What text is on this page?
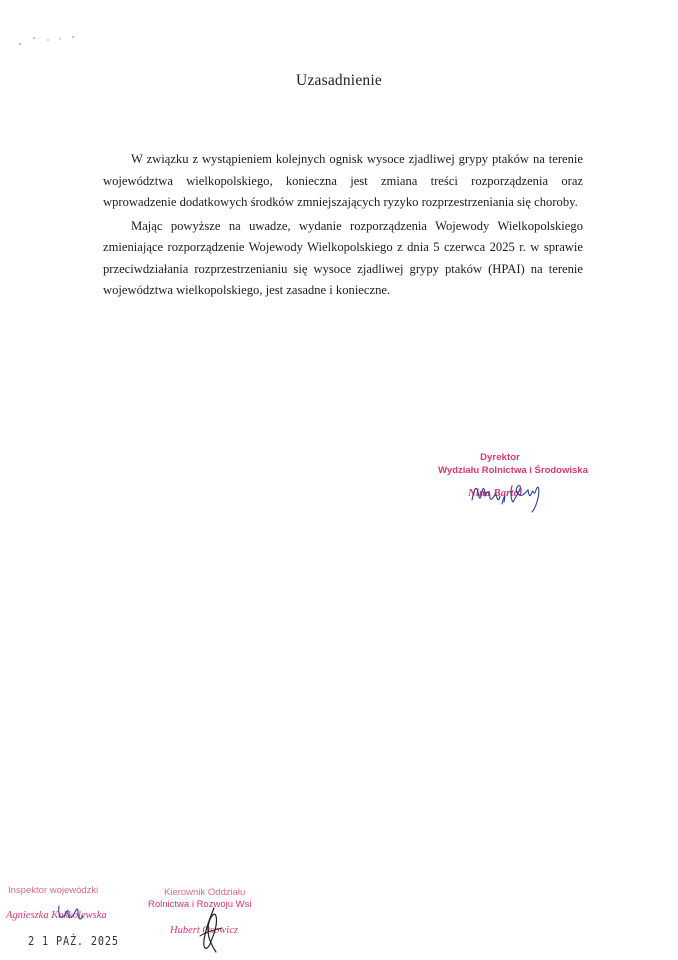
Uzasadnienie

W związku z wystąpieniem kolejnych ognisk wysoce zjadliwej grypy ptaków na terenie województwa wielkopolskiego, konieczna jest zmiana treści rozporządzenia oraz wprowadzenie dodatkowych środków zmniejszających ryzyko rozprzestrzeniania się choroby.

Mając powyższe na uwadze, wydanie rozporządzenia Wojewody Wielkopolskiego zmieniające rozporządzenie Wojewody Wielkopolskiego z dnia 5 czerwca 2025 r. w sprawie przeciwdziałania rozprzestrzenianiu się wysoce zjadliwej grypy ptaków (HPAI) na terenie województwa wielkopolskiego, jest zasadne i konieczne.

Dyrektor
Wydziału Rolnictwa i Środowiska
Nina Bartol
Inspektor wojewódzki
Agnieszka Kokkolewska
2 1 PAŹ. 2025
Kierownik Oddziału
Rolnictwa i Rozwoju Wsi
Hubert Osowicz
